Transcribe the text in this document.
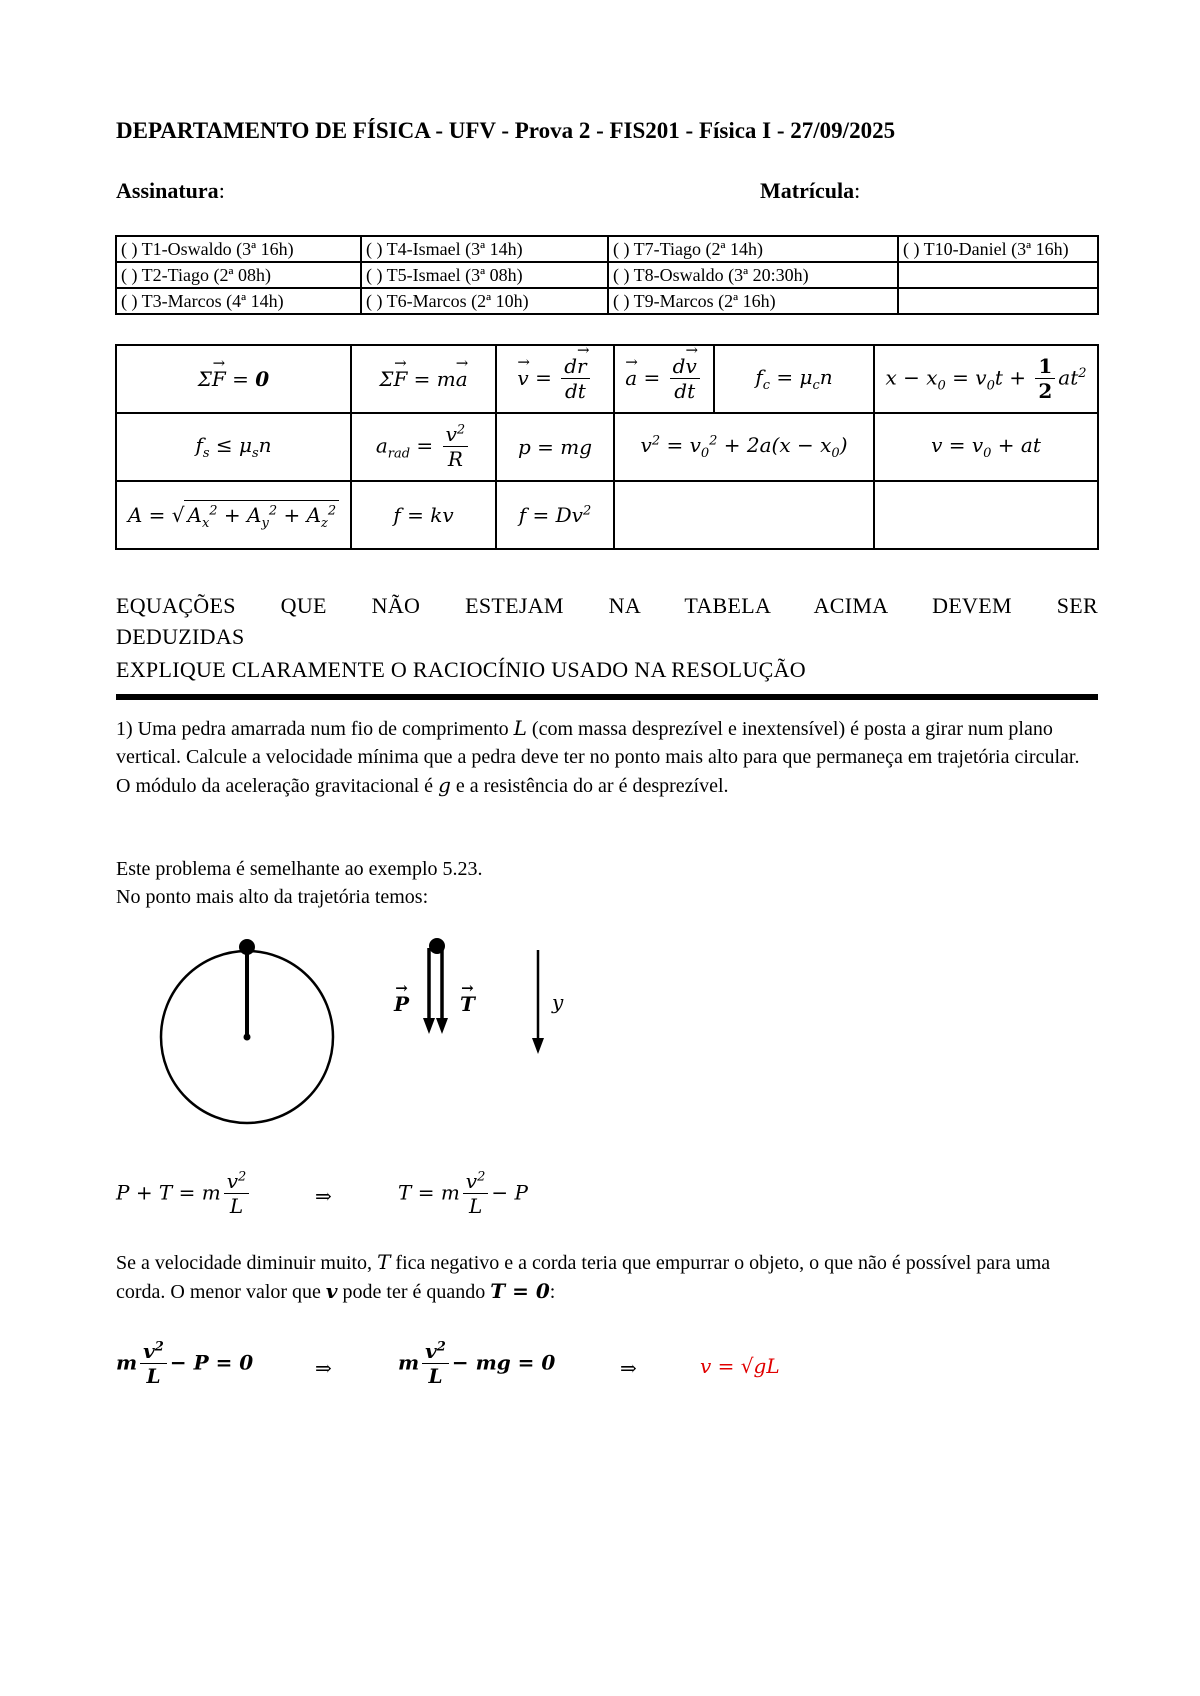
DEPARTAMENTO DE FÍSICA - UFV - Prova 2 - FIS201 - Física I - 27/09/2025
Assinatura:	Matrícula:
( ) T1-Oswaldo (3ª 16h)	( ) T4-Ismael (3ª 14h)	( ) T7-Tiago (2ª 14h)	( ) T10-Daniel (3ª 16h)
( ) T2-Tiago (2ª 08h)	( ) T5-Ismael (3ª 08h)	( ) T8-Oswaldo (3ª 20:30h)	
( ) T3-Marcos (4ª 14h)	( ) T6-Marcos (2ª 10h)	( ) T9-Marcos (2ª 16h)	
Σ→ F = 0	Σ→ F = m→ a	→ $v = \frac{d\to r}{dt}$	→ $a = \frac{d\to v}{dt}$	$f_c = \mu_cn$	$x - x_0 = v_0t + \frac{1}{2} at^2$
$f_s \le \mu_sn$	$a_{rad} = \frac{v^2}{R}$	p = mg	$v^2 = v_0^2 + 2a(x - x_0)$		$v = v_0$ + at
A = √ $A_x^2 + A_y^2 + A_z^2$	f = kv	$f = Dv^2$		
EQUAÇÕES QUE NÃO ESTEJAM NA TABELA ACIMA DEVEM SER
DEDUZIDAS
EXPLIQUE CLARAMENTE O RACIOCÍNIO USADO NA RESOLUÇÃO
1) Uma pedra amarrada num fio de comprimento L (com massa desprezível e inextensível) é posta a girar num plano vertical. Calcule a velocidade mínima que a pedra deve ter no ponto mais alto para que permaneça em trajetória circular. O módulo da aceleração gravitacional é g e a resistência do ar é desprezível.
Este problema é semelhante ao exemplo 5.23.
No ponto mais alto da trajetória temos:
→ P	→ T	y
P + T = m $\frac{v^2}{L}$	⇒	T = m $\frac{v^2}{L} - P$
Se a velocidade diminuir muito, T fica negativo e a corda teria que empurrar o objeto, o que não é possível para uma corda. O menor valor que v pode ter é quando T = 0:
m $\frac{v^2}{L} - P = 0$	⇒	m $\frac{v^2}{L}$ − mg = 0	⇒	v = √gL
